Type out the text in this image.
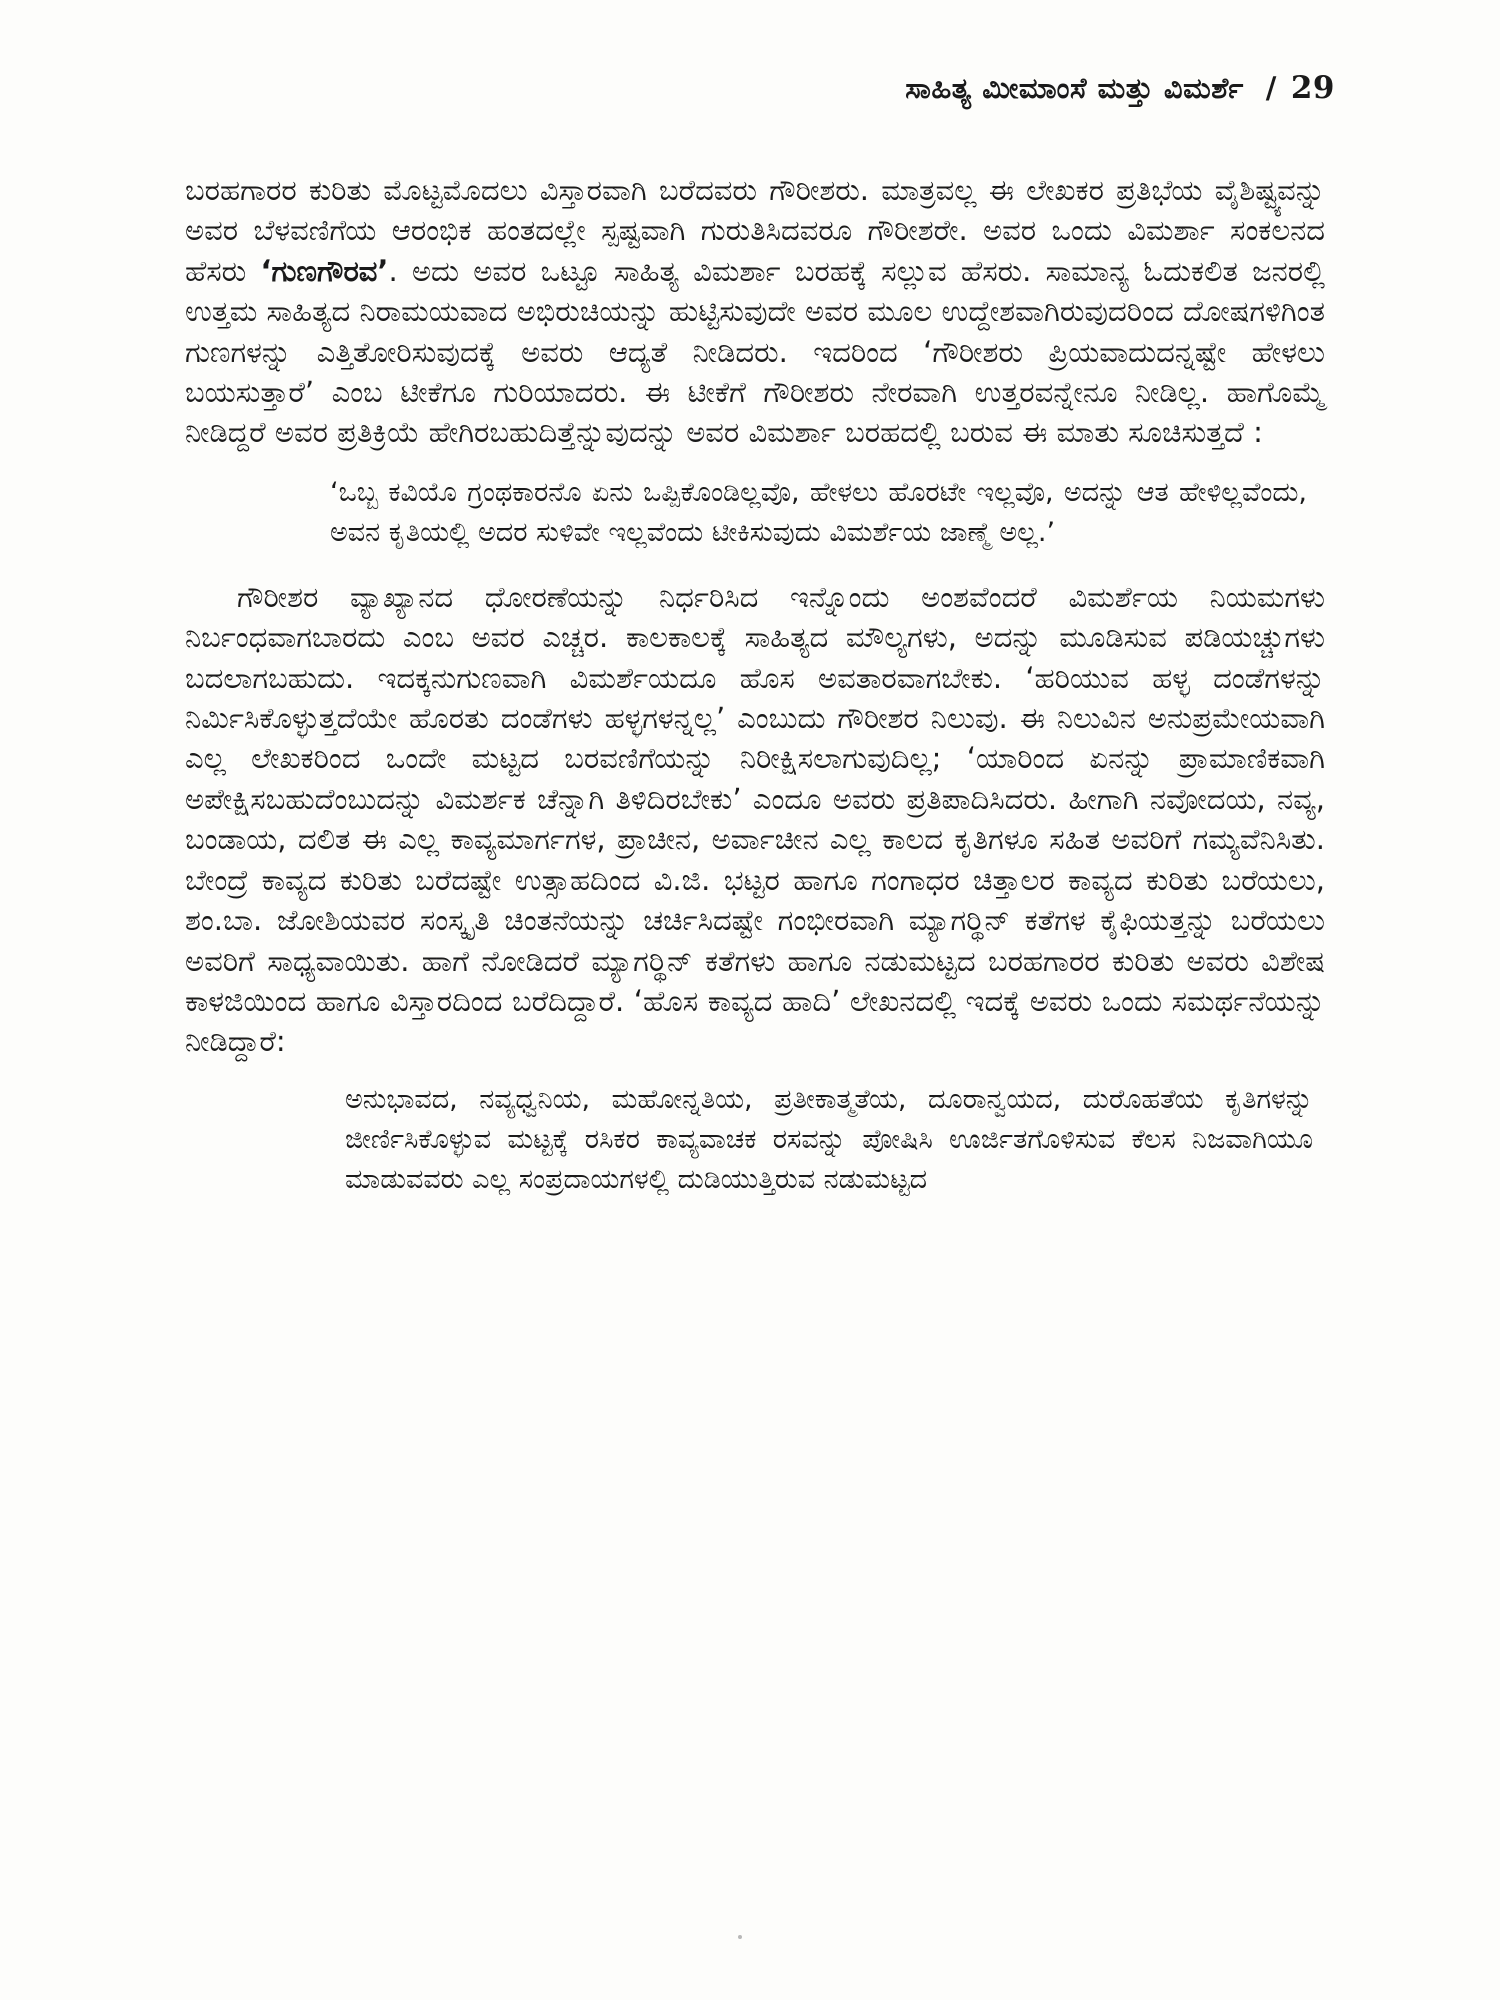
ಸಾಹಿತ್ಯ ಮೀಮಾಂಸೆ ಮತ್ತು ವಿಮರ್ಶೆ / 29

ಬರಹಗಾರರ ಕುರಿತು ಮೊಟ್ಟಮೊದಲು ವಿಸ್ತಾರವಾಗಿ ಬರೆದವರು ಗೌರೀಶರು. ಮಾತ್ರವಲ್ಲ ಈ ಲೇಖಕರ ಪ್ರತಿಭೆಯ ವೈಶಿಷ್ಟ್ಯವನ್ನು ಅವರ ಬೆಳವಣಿಗೆಯ ಆರಂಭಿಕ ಹಂತದಲ್ಲೇ ಸ್ಪಷ್ಟವಾಗಿ ಗುರುತಿಸಿದವರೂ ಗೌರೀಶರೇ. ಅವರ ಒಂದು ವಿಮರ್ಶಾ ಸಂಕಲನದ ಹೆಸರು ‘ಗುಣಗೌರವ’. ಅದು ಅವರ ಒಟ್ಟೂ ಸಾಹಿತ್ಯ ವಿಮರ್ಶಾ ಬರಹಕ್ಕೆ ಸಲ್ಲುವ ಹೆಸರು. ಸಾಮಾನ್ಯ ಓದುಕಲಿತ ಜನರಲ್ಲಿ ಉತ್ತಮ ಸಾಹಿತ್ಯದ ನಿರಾಮಯವಾದ ಅಭಿರುಚಿಯನ್ನು ಹುಟ್ಟಿಸುವುದೇ ಅವರ ಮೂಲ ಉದ್ದೇಶವಾಗಿರುವುದರಿಂದ ದೋಷಗಳಿಗಿಂತ ಗುಣಗಳನ್ನು ಎತ್ತಿತೋರಿಸುವುದಕ್ಕೆ ಅವರು ಆದ್ಯತೆ ನೀಡಿದರು. ಇದರಿಂದ ‘ಗೌರೀಶರು ಪ್ರಿಯವಾದುದನ್ನಷ್ಟೇ ಹೇಳಲು ಬಯಸುತ್ತಾರೆ’ ಎಂಬ ಟೀಕೆಗೂ ಗುರಿಯಾದರು. ಈ ಟೀಕೆಗೆ ಗೌರೀಶರು ನೇರವಾಗಿ ಉತ್ತರವನ್ನೇನೂ ನೀಡಿಲ್ಲ. ಹಾಗೊಮ್ಮೆ ನೀಡಿದ್ದರೆ ಅವರ ಪ್ರತಿಕ್ರಿಯೆ ಹೇಗಿರಬಹುದಿತ್ತೆನ್ನುವುದನ್ನು ಅವರ ವಿಮರ್ಶಾ ಬರಹದಲ್ಲಿ ಬರುವ ಈ ಮಾತು ಸೂಚಿಸುತ್ತದೆ :

‘ಒಬ್ಬ ಕವಿಯೊ ಗ್ರಂಥಕಾರನೊ ಏನು ಒಪ್ಪಿಕೊಂಡಿಲ್ಲವೊ, ಹೇಳಲು ಹೊರಟೇ ಇಲ್ಲವೊ, ಅದನ್ನು ಆತ ಹೇಳಿಲ್ಲವೆಂದು, ಅವನ ಕೃತಿಯಲ್ಲಿ ಅದರ ಸುಳಿವೇ ಇಲ್ಲವೆಂದು ಟೀಕಿಸುವುದು ವಿಮರ್ಶೆಯ ಜಾಣ್ಮೆ ಅಲ್ಲ.’

ಗೌರೀಶರ ವ್ಯಾಖ್ಯಾನದ ಧೋರಣೆಯನ್ನು ನಿರ್ಧರಿಸಿದ ಇನ್ನೊಂದು ಅಂಶವೆಂದರೆ ವಿಮರ್ಶೆಯ ನಿಯಮಗಳು ನಿರ್ಬಂಧವಾಗಬಾರದು ಎಂಬ ಅವರ ಎಚ್ಚರ. ಕಾಲಕಾಲಕ್ಕೆ ಸಾಹಿತ್ಯದ ಮೌಲ್ಯಗಳು, ಅದನ್ನು ಮೂಡಿಸುವ ಪಡಿಯಚ್ಚುಗಳು ಬದಲಾಗಬಹುದು. ಇದಕ್ಕನುಗುಣವಾಗಿ ವಿಮರ್ಶೆಯದೂ ಹೊಸ ಅವತಾರವಾಗಬೇಕು. ‘ಹರಿಯುವ ಹಳ್ಳ ದಂಡೆಗಳನ್ನು ನಿರ್ಮಿಸಿಕೊಳ್ಳುತ್ತದೆಯೇ ಹೊರತು ದಂಡೆಗಳು ಹಳ್ಳಗಳನ್ನಲ್ಲ’ ಎಂಬುದು ಗೌರೀಶರ ನಿಲುವು. ಈ ನಿಲುವಿನ ಅನುಪ್ರಮೇಯವಾಗಿ ಎಲ್ಲ ಲೇಖಕರಿಂದ ಒಂದೇ ಮಟ್ಟದ ಬರವಣಿಗೆಯನ್ನು ನಿರೀಕ್ಷಿಸಲಾಗುವುದಿಲ್ಲ; ‘ಯಾರಿಂದ ಏನನ್ನು ಪ್ರಾಮಾಣಿಕವಾಗಿ ಅಪೇಕ್ಷಿಸಬಹುದೆಂಬುದನ್ನು ವಿಮರ್ಶಕ ಚೆನ್ನಾಗಿ ತಿಳಿದಿರಬೇಕು’ ಎಂದೂ ಅವರು ಪ್ರತಿಪಾದಿಸಿದರು. ಹೀಗಾಗಿ ನವೋದಯ, ನವ್ಯ, ಬಂಡಾಯ, ದಲಿತ ಈ ಎಲ್ಲ ಕಾವ್ಯಮಾರ್ಗಗಳ, ಪ್ರಾಚೀನ, ಅರ್ವಾಚೀನ ಎಲ್ಲ ಕಾಲದ ಕೃತಿಗಳೂ ಸಹಿತ ಅವರಿಗೆ ಗಮ್ಯವೆನಿಸಿತು. ಬೇಂದ್ರೆ ಕಾವ್ಯದ ಕುರಿತು ಬರೆದಷ್ಟೇ ಉತ್ಸಾಹದಿಂದ ವಿ.ಜಿ. ಭಟ್ಟರ ಹಾಗೂ ಗಂಗಾಧರ ಚಿತ್ತಾಲರ ಕಾವ್ಯದ ಕುರಿತು ಬರೆಯಲು, ಶಂ.ಬಾ. ಜೋಶಿಯವರ ಸಂಸ್ಕೃತಿ ಚಿಂತನೆಯನ್ನು ಚರ್ಚಿಸಿದಷ್ಟೇ ಗಂಭೀರವಾಗಿ ಮ್ಯಾಗರ್‍ಥಿನ್ ಕತೆಗಳ ಕೈಫಿಯತ್ತನ್ನು ಬರೆಯಲು ಅವರಿಗೆ ಸಾಧ್ಯವಾಯಿತು. ಹಾಗೆ ನೋಡಿದರೆ ಮ್ಯಾಗರ್‍ಥಿನ್ ಕತೆಗಳು ಹಾಗೂ ನಡುಮಟ್ಟದ ಬರಹಗಾರರ ಕುರಿತು ಅವರು ವಿಶೇಷ ಕಾಳಜಿಯಿಂದ ಹಾಗೂ ವಿಸ್ತಾರದಿಂದ ಬರೆದಿದ್ದಾರೆ. ‘ಹೊಸ ಕಾವ್ಯದ ಹಾದಿ’ ಲೇಖನದಲ್ಲಿ ಇದಕ್ಕೆ ಅವರು ಒಂದು ಸಮರ್ಥನೆಯನ್ನು ನೀಡಿದ್ದಾರೆ:

ಅನುಭಾವದ, ನವ್ಯಧ್ವನಿಯ, ಮಹೋನ್ನತಿಯ, ಪ್ರತೀಕಾತ್ಮತೆಯ, ದೂರಾನ್ವಯದ, ದುರೊಹತೆಯ ಕೃತಿಗಳನ್ನು ಜೀರ್ಣಿಸಿಕೊಳ್ಳುವ ಮಟ್ಟಕ್ಕೆ ರಸಿಕರ ಕಾವ್ಯವಾಚಕ ರಸವನ್ನು ಪೋಷಿಸಿ ಊರ್ಜಿತಗೊಳಿಸುವ ಕೆಲಸ ನಿಜವಾಗಿಯೂ ಮಾಡುವವರು ಎಲ್ಲ ಸಂಪ್ರದಾಯಗಳಲ್ಲಿ ದುಡಿಯುತ್ತಿರುವ ನಡುಮಟ್ಟದ
